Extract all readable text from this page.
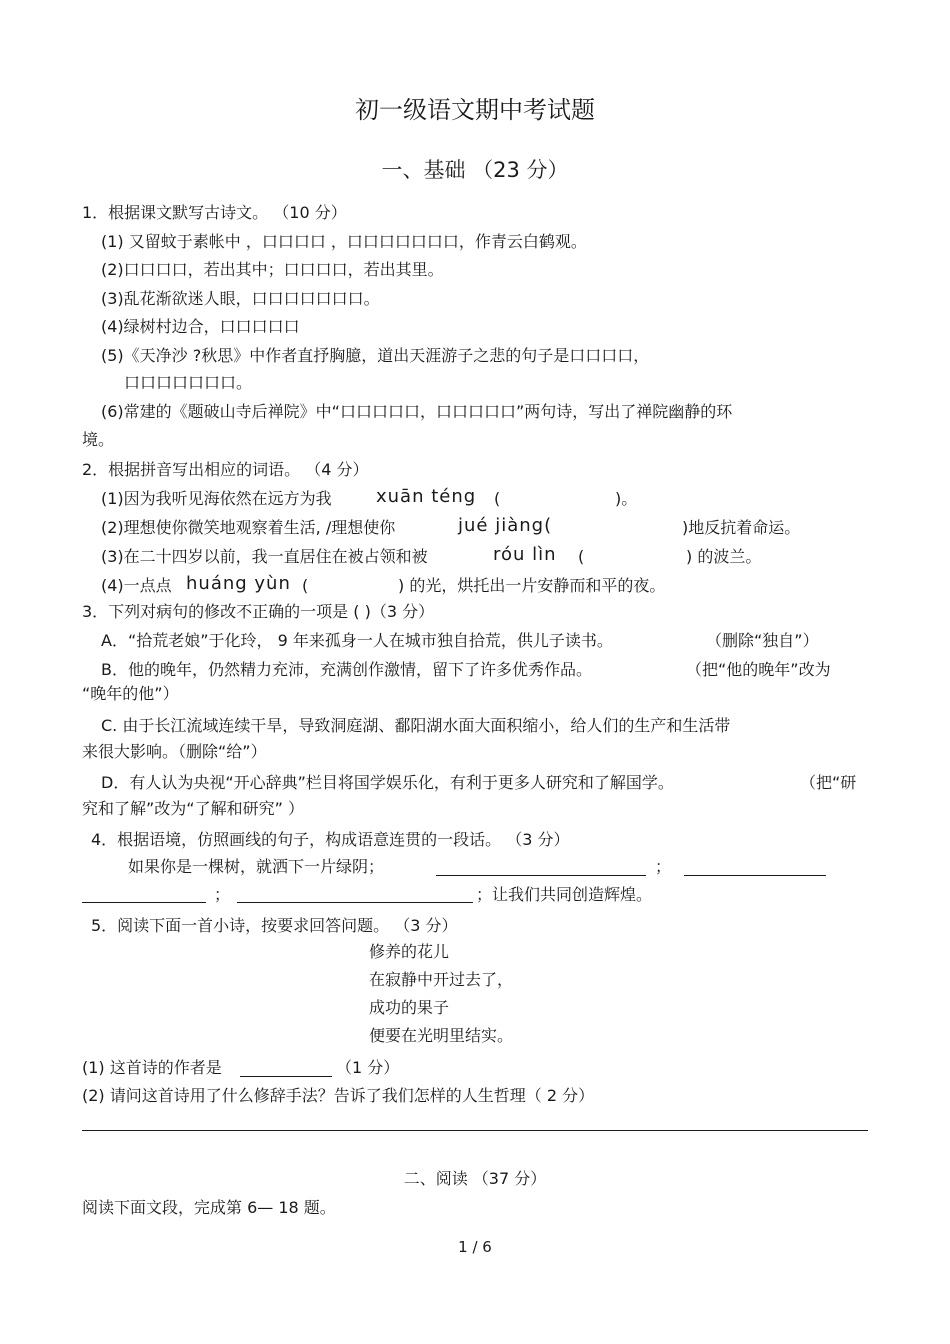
初一级语文期中考试题
一、基础 （23 分）
1．根据课文默写古诗文。 （10 分）
(1) 又留蚊于素帐中 ，口口口口 ，口口口口口口口，作青云白鹤观。
(2)口口口口，若出其中；口口口口，若出其里。
(3)乱花渐欲迷人眼，口口口口口口口。
(4)绿树村边合，口口口口口
(5)《天净沙 ?秋思》中作者直抒胸臆，道出天涯游子之悲的句子是口口口口，
口口口口口口口。
(6)常建的《题破山寺后禅院》中“口口口口口，口口口口口”两句诗，写出了禅院幽静的环
境。
2．根据拼音写出相应的词语。 （4 分）
(1)因为我听见海依然在远方为我 xuān téng (	)。
(2)理想使你微笑地观察着生活, /理想使你	jué jiàng(	)地反抗着命运。
(3)在二十四岁以前，我一直居住在被占领和被	róu lìn (	) 的波兰。
(4)一点点 huáng yùn (	) 的光，烘托出一片安静而和平的夜。
3．下列对病句的修改不正确的一项是 ( )（3 分）
A．“拾荒老娘”于化玲， 9 年来孤身一人在城市独自拾荒，供儿子读书。	（删除“独自”）
B．他的晚年，仍然精力充沛，充满创作激情，留下了许多优秀作品。	（把“他的晚年”改为
“晚年的他”）
C. 由于长江流域连续干旱，导致洞庭湖、鄱阳湖水面大面积缩小，给人们的生产和生活带
来很大影响。（删除“给”）
D．有人认为央视“开心辞典”栏目将国学娱乐化，有利于更多人研究和了解国学。	（把“研
究和了解”改为“了解和研究” ）
4．根据语境，仿照画线的句子，构成语意连贯的一段话。 （3 分）
如果你是一棵树，就洒下一片绿阴；	；
；	；让我们共同创造辉煌。
5．阅读下面一首小诗，按要求回答问题。 （3 分）
修养的花儿
在寂静中开过去了，
成功的果子
便要在光明里结实。
(1) 这首诗的作者是	（1 分）
(2) 请问这首诗用了什么修辞手法？告诉了我们怎样的人生哲理（ 2 分）
二、阅读 （37 分）
阅读下面文段，完成第 6— 18 题。
1 / 6
